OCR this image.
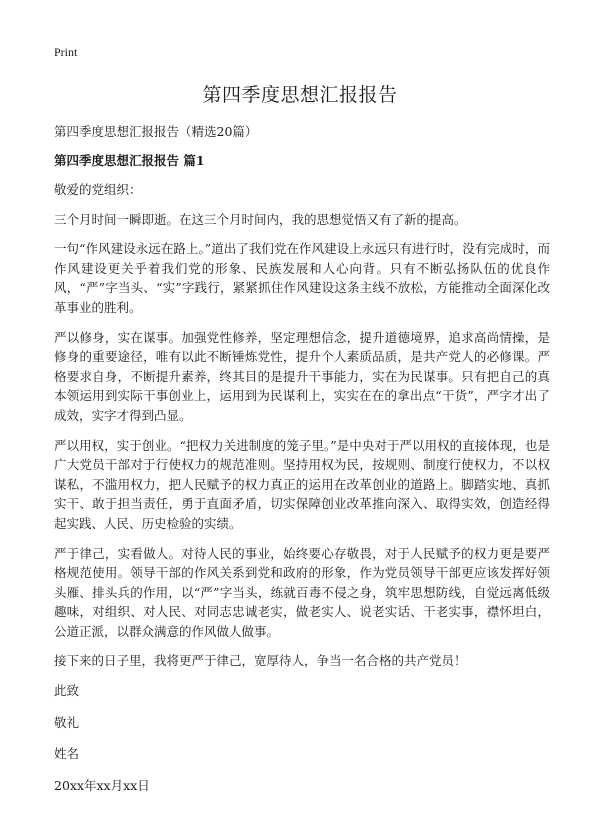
Print
第四季度思想汇报报告

第四季度思想汇报报告（精选20篇）

第四季度思想汇报报告 篇1

敬爱的党组织：

三个月时间一瞬即逝。在这三个月时间内，我的思想觉悟又有了新的提高。

一句“作风建设永远在路上。”道出了我们党在作风建设上永远只有进行时，没有完成时，而作风建设更关乎着我们党的形象、民族发展和人心向背。只有不断弘扬队伍的优良作风，“严”字当头、“实”字践行，紧紧抓住作风建设这条主线不放松，方能推动全面深化改革事业的胜利。

严以修身，实在谋事。加强党性修养，坚定理想信念，提升道德境界，追求高尚情操，是修身的重要途径，唯有以此不断锤炼党性，提升个人素质品质，是共产党人的必修课。严格要求自身，不断提升素养，终其目的是提升干事能力，实在为民谋事。只有把自己的真本领运用到实际干事创业上，运用到为民谋利上，实实在在的拿出点“干货”，严字才出了成效，实字才得到凸显。

严以用权，实于创业。“把权力关进制度的笼子里。”是中央对于严以用权的直接体现，也是广大党员干部对于行使权力的规范准则。坚持用权为民，按规则、制度行使权力，不以权谋私，不滥用权力，把人民赋予的权力真正的运用在改革创业的道路上。脚踏实地、真抓实干、敢于担当责任，勇于直面矛盾，切实保障创业改革推向深入、取得实效，创造经得起实践、人民、历史检验的实绩。

严于律己，实看做人。对待人民的事业，始终要心存敬畏，对于人民赋予的权力更是要严格规范使用。领导干部的作风关系到党和政府的形象，作为党员领导干部更应该发挥好领头雁、排头兵的作用，以“严”字当头，练就百毒不侵之身，筑牢思想防线，自觉远离低级趣味，对组织、对人民、对同志忠诚老实，做老实人、说老实话、干老实事，襟怀坦白，公道正派，以群众满意的作风做人做事。

接下来的日子里，我将更严于律己，宽厚待人，争当一名合格的共产党员！

此致

敬礼

姓名

20xx年xx月xx日
